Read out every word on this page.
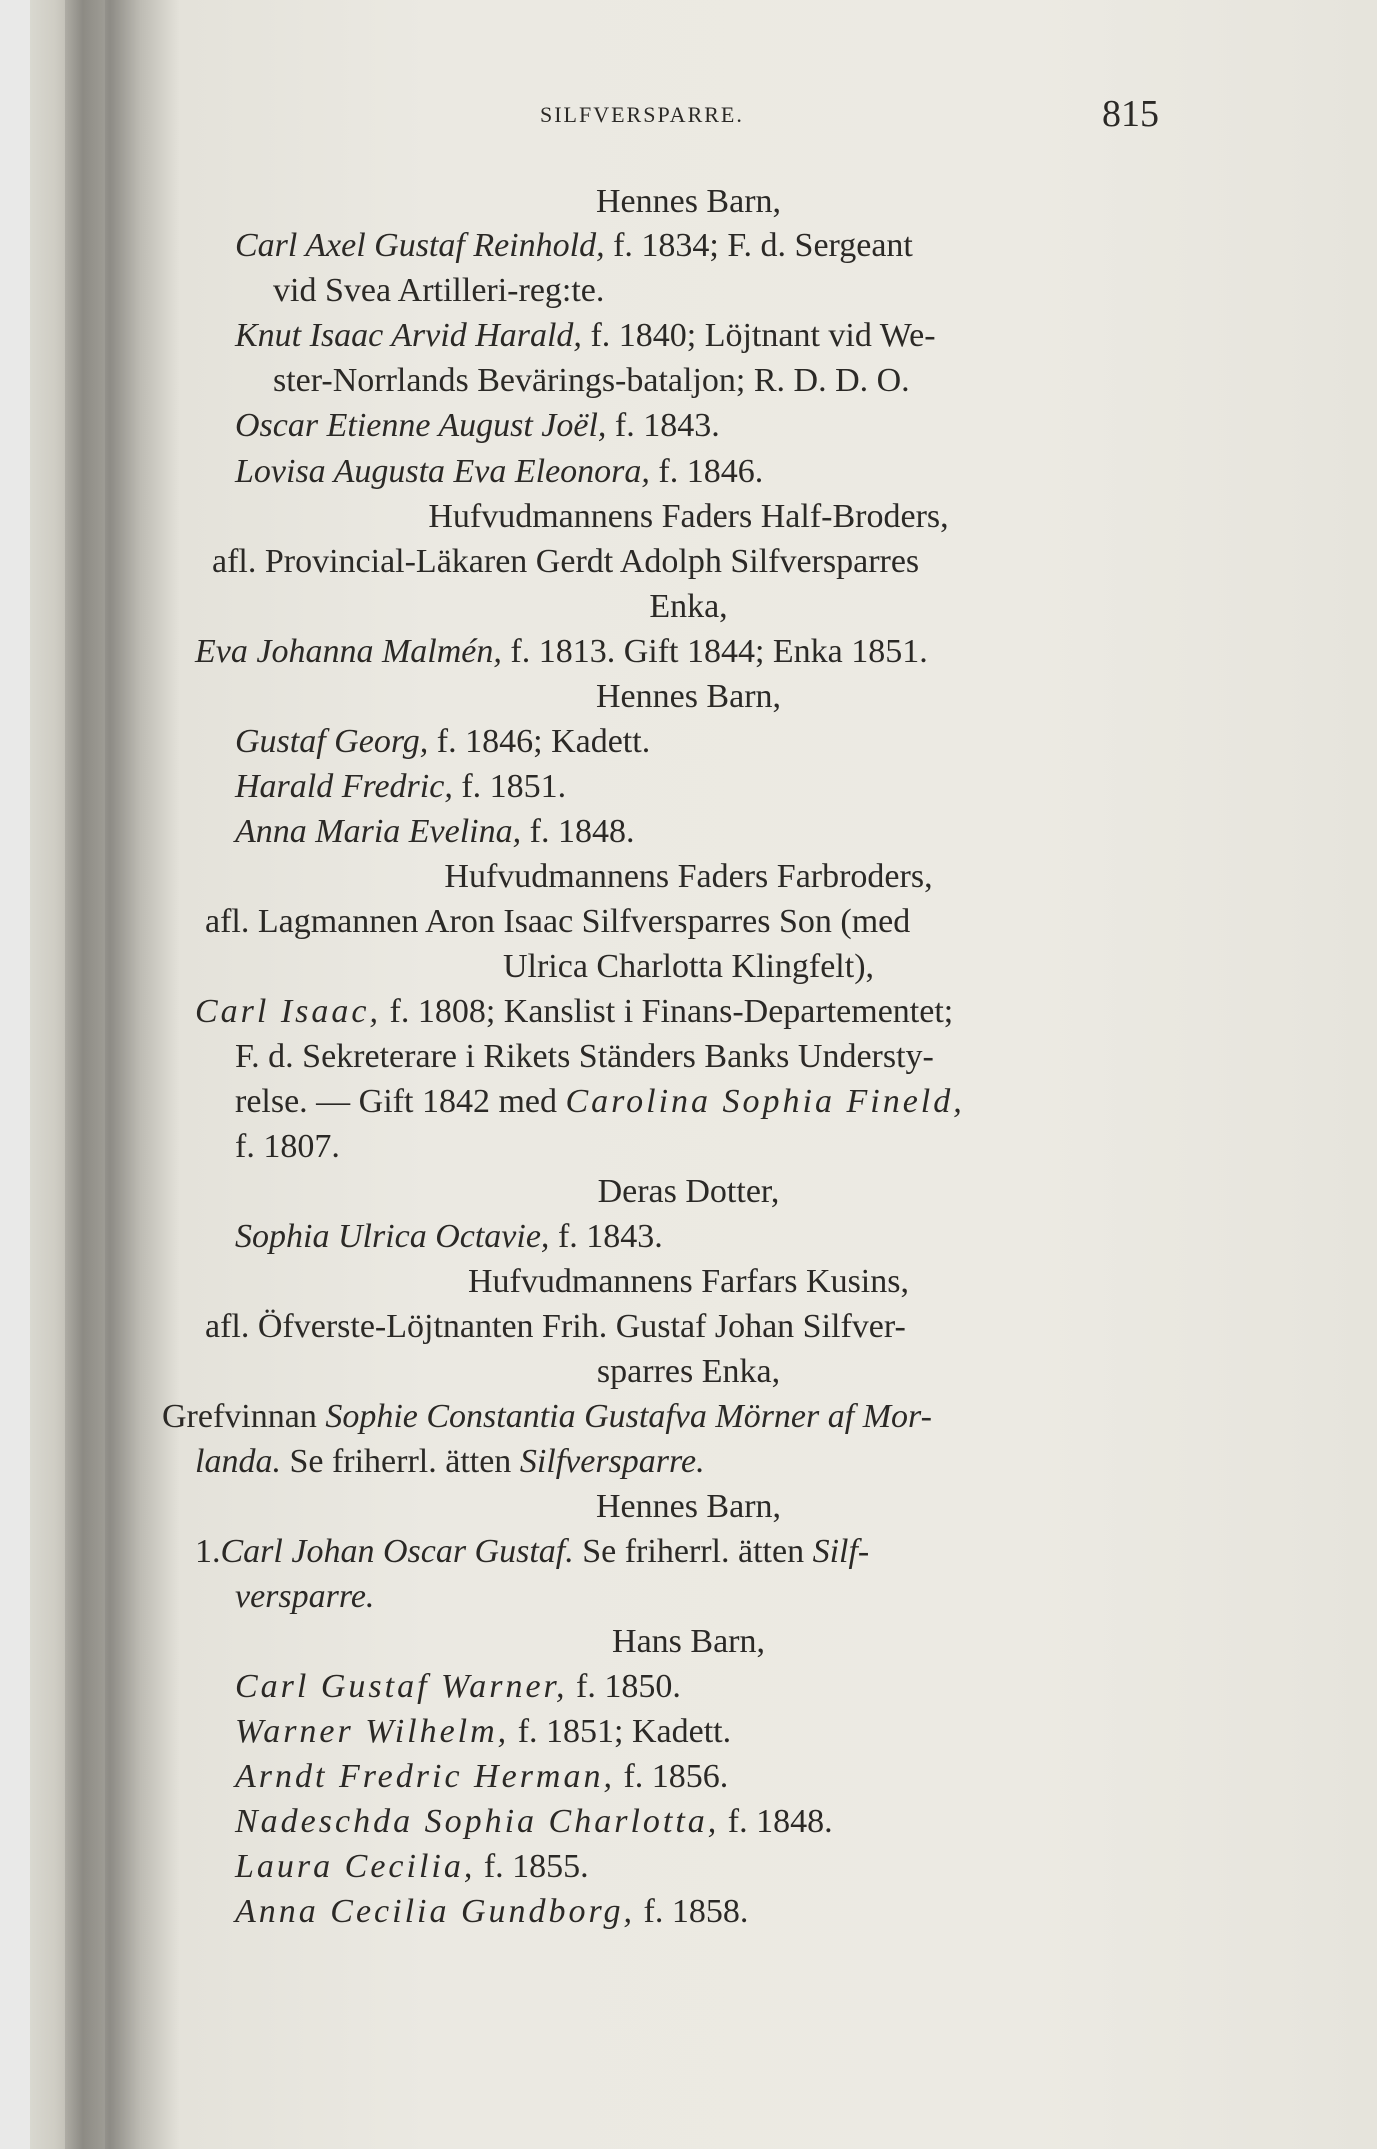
SILFVERSPARRE.	815
Hennes Barn,
Carl Axel Gustaf Reinhold, f. 1834; F. d. Sergeant
vid Svea Artilleri-reg:te.
Knut Isaac Arvid Harald, f. 1840; Löjtnant vid We-
ster-Norrlands Bevärings-bataljon; R. D. D. O.
Oscar Etienne August Joël, f. 1843.
Lovisa Augusta Eva Eleonora, f. 1846.
Hufvudmannens Faders Half-Broders,
afl. Provincial-Läkaren Gerdt Adolph Silfversparres
Enka,
Eva Johanna Malmén, f. 1813. Gift 1844; Enka 1851.
Hennes Barn,
Gustaf Georg, f. 1846; Kadett.
Harald Fredric, f. 1851.
Anna Maria Evelina, f. 1848.
Hufvudmannens Faders Farbroders,
afl. Lagmannen Aron Isaac Silfversparres Son (med
Ulrica Charlotta Klingfelt),
Carl Isaac, f. 1808; Kanslist i Finans-Departementet;
F. d. Sekreterare i Rikets Ständers Banks Understy-
relse. — Gift 1842 med Carolina Sophia Fineld,
f. 1807.
Deras Dotter,
Sophia Ulrica Octavie, f. 1843.
Hufvudmannens Farfars Kusins,
afl. Öfverste-Löjtnanten Frih. Gustaf Johan Silfver-
sparres Enka,
Grefvinnan Sophie Constantia Gustafva Mörner af Mor-
landa. Se friherrl. ätten Silfversparre.
Hennes Barn,
1.Carl Johan Oscar Gustaf. Se friherrl. ätten Silf-
versparre.
Hans Barn,
Carl Gustaf Warner, f. 1850.
Warner Wilhelm, f. 1851; Kadett.
Arndt Fredric Herman, f. 1856.
Nadeschda Sophia Charlotta, f. 1848.
Laura Cecilia, f. 1855.
Anna Cecilia Gundborg, f. 1858.
